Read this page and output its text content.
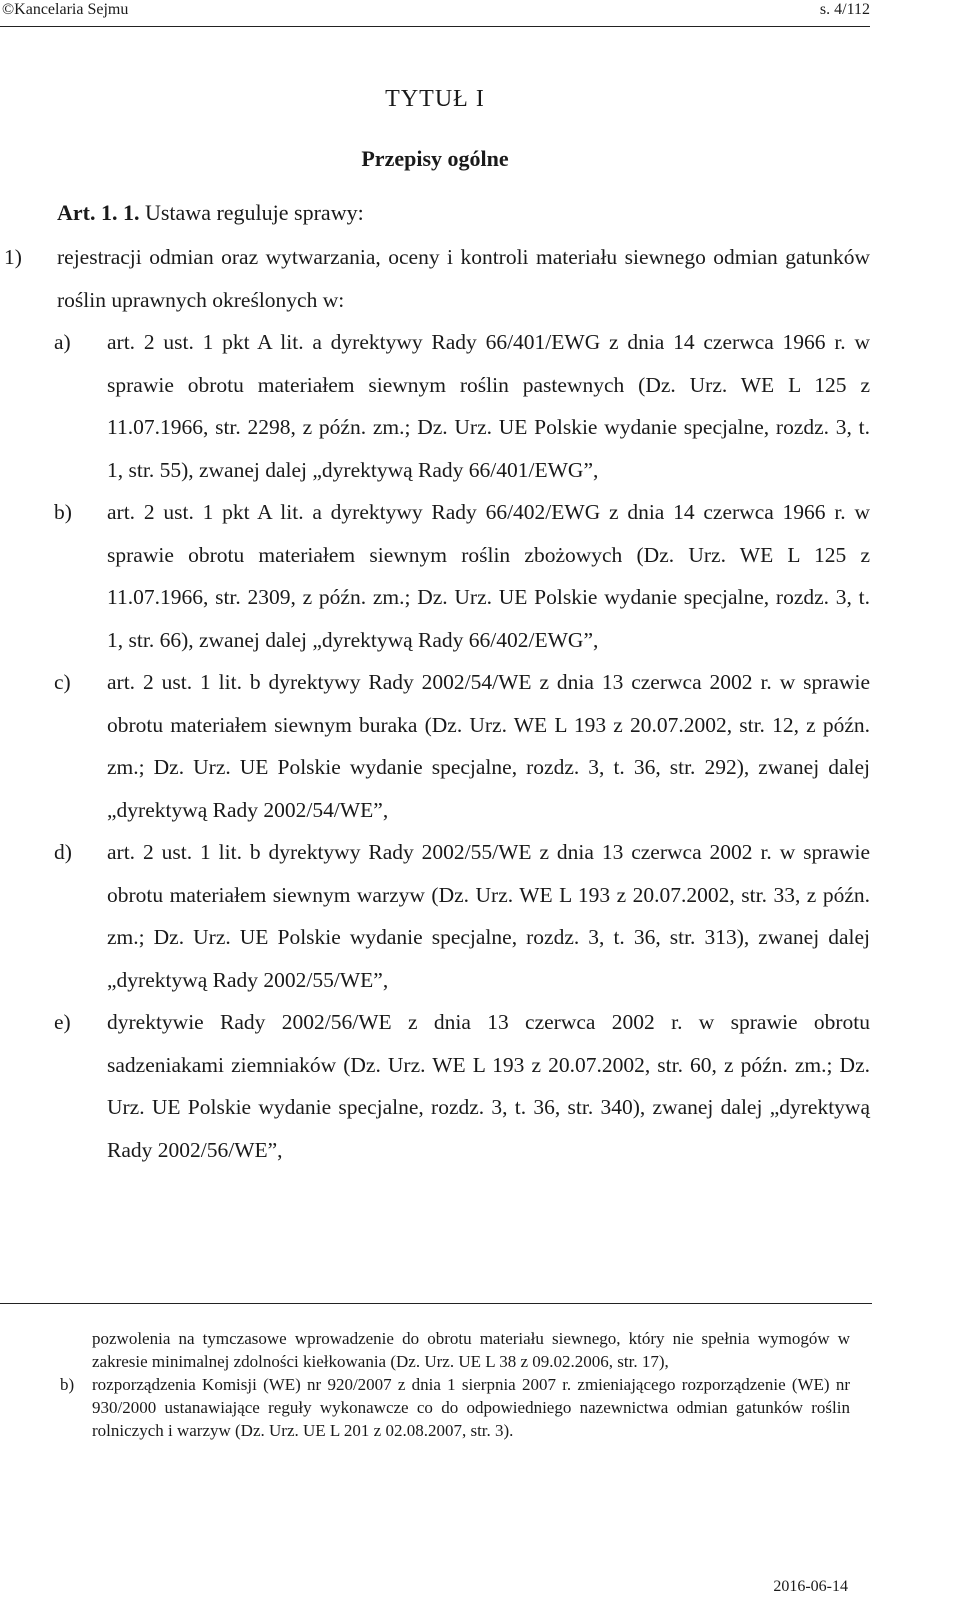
©Kancelaria Sejmu	s. 4/112
TYTUŁ I
Przepisy ogólne
Art. 1. 1. Ustawa reguluje sprawy:
1) rejestracji odmian oraz wytwarzania, oceny i kontroli materiału siewnego odmian gatunków roślin uprawnych określonych w:
a) art. 2 ust. 1 pkt A lit. a dyrektywy Rady 66/401/EWG z dnia 14 czerwca 1966 r. w sprawie obrotu materiałem siewnym roślin pastewnych (Dz. Urz. WE L 125 z 11.07.1966, str. 2298, z późn. zm.; Dz. Urz. UE Polskie wydanie specjalne, rozdz. 3, t. 1, str. 55), zwanej dalej „dyrektywą Rady 66/401/EWG”,
b) art. 2 ust. 1 pkt A lit. a dyrektywy Rady 66/402/EWG z dnia 14 czerwca 1966 r. w sprawie obrotu materiałem siewnym roślin zbożowych (Dz. Urz. WE L 125 z 11.07.1966, str. 2309, z późn. zm.; Dz. Urz. UE Polskie wydanie specjalne, rozdz. 3, t. 1, str. 66), zwanej dalej „dyrektywą Rady 66/402/EWG”,
c) art. 2 ust. 1 lit. b dyrektywy Rady 2002/54/WE z dnia 13 czerwca 2002 r. w sprawie obrotu materiałem siewnym buraka (Dz. Urz. WE L 193 z 20.07.2002, str. 12, z późn. zm.; Dz. Urz. UE Polskie wydanie specjalne, rozdz. 3, t. 36, str. 292), zwanej dalej „dyrektywą Rady 2002/54/WE”,
d) art. 2 ust. 1 lit. b dyrektywy Rady 2002/55/WE z dnia 13 czerwca 2002 r. w sprawie obrotu materiałem siewnym warzyw (Dz. Urz. WE L 193 z 20.07.2002, str. 33, z późn. zm.; Dz. Urz. UE Polskie wydanie specjalne, rozdz. 3, t. 36, str. 313), zwanej dalej „dyrektywą Rady 2002/55/WE”,
e) dyrektywie Rady 2002/56/WE z dnia 13 czerwca 2002 r. w sprawie obrotu sadzeniakami ziemniaków (Dz. Urz. WE L 193 z 20.07.2002, str. 60, z późn. zm.; Dz. Urz. UE Polskie wydanie specjalne, rozdz. 3, t. 36, str. 340), zwanej dalej „dyrektywą Rady 2002/56/WE”,
pozwolenia na tymczasowe wprowadzenie do obrotu materiału siewnego, który nie spełnia wymogów w zakresie minimalnej zdolności kiełkowania (Dz. Urz. UE L 38 z 09.02.2006, str. 17),
b) rozporządzenia Komisji (WE) nr 920/2007 z dnia 1 sierpnia 2007 r. zmieniającego rozporządzenie (WE) nr 930/2000 ustanawiające reguły wykonawcze co do odpowiedniego nazewnictwa odmian gatunków roślin rolniczych i warzyw (Dz. Urz. UE L 201 z 02.08.2007, str. 3).
2016-06-14
